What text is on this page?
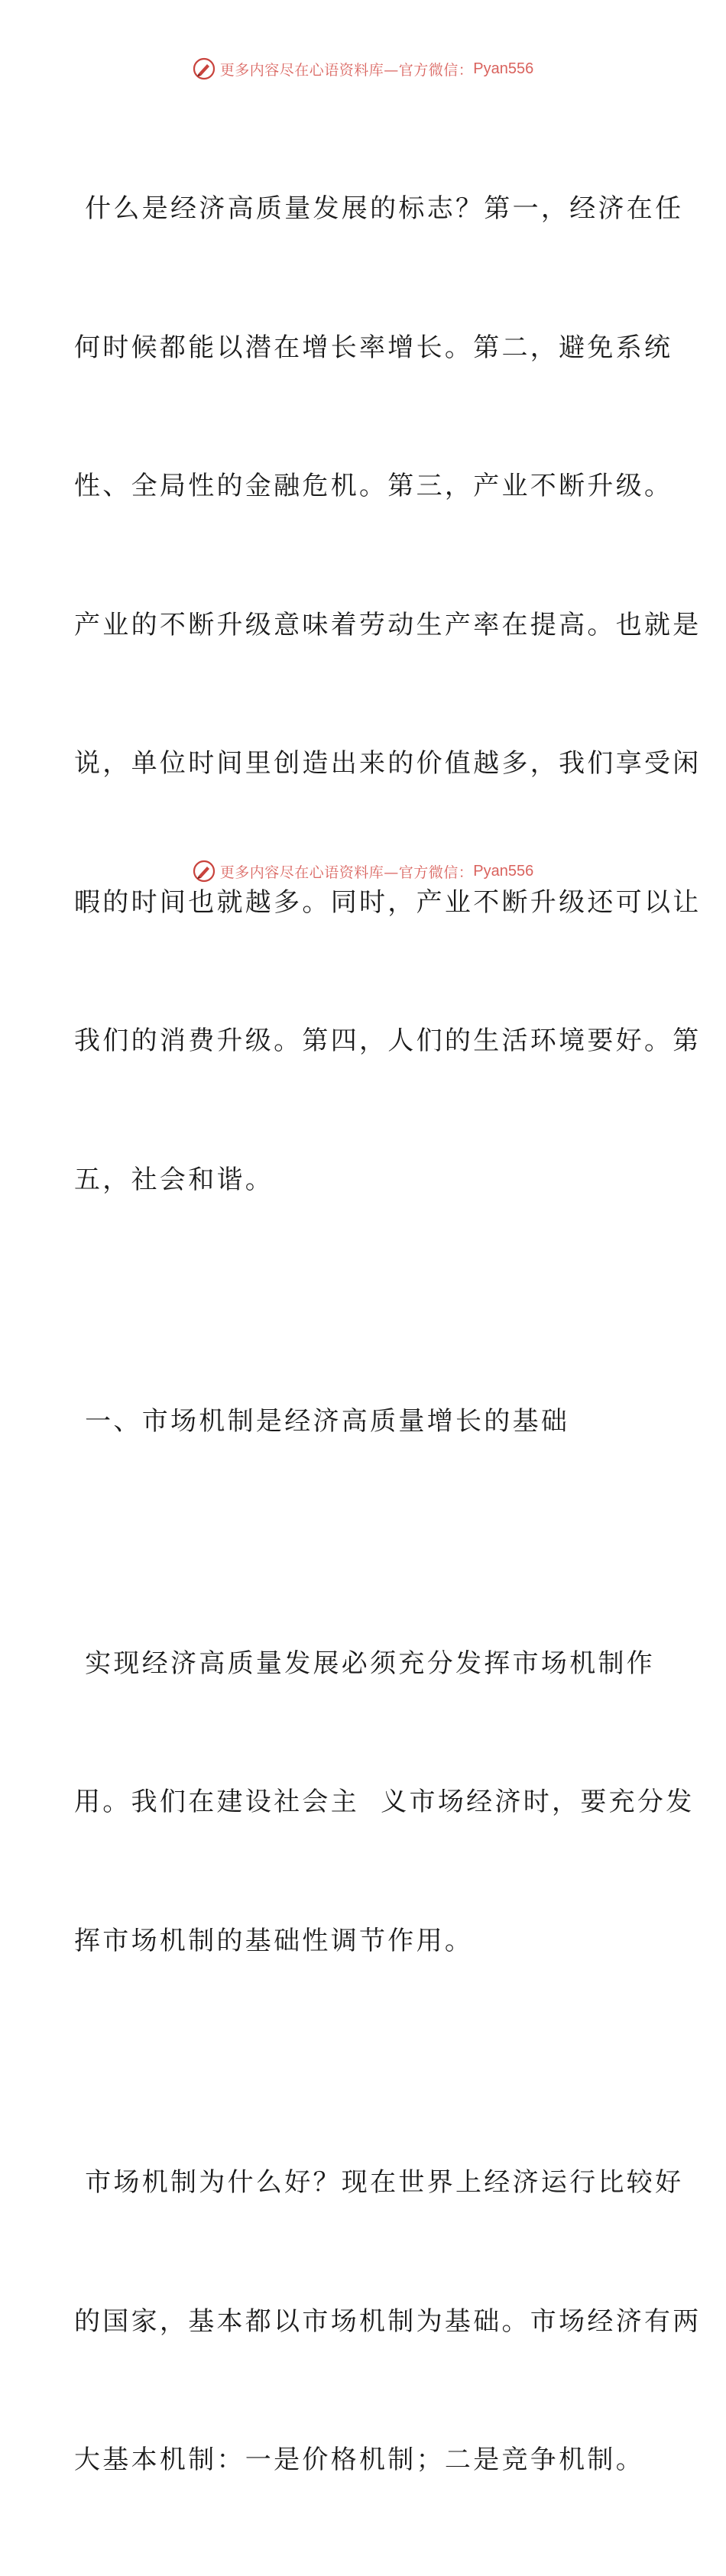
更多内容尽在心语资料库—官方微信： Pyan556

什么是经济高质量发展的标志？第一，经济在任

何时候都能以潜在增长率增长。第二，避免系统

性、全局性的金融危机。第三，产业不断升级。

产业的不断升级意味着劳动生产率在提高。也就是

说，单位时间里创造出来的价值越多，我们享受闲

暇的时间也就越多。同时，产业不断升级还可以让

我们的消费升级。第四，人们的生活环境要好。第

五，社会和谐。

一、市场机制是经济高质量增长的基础

实现经济高质量发展必须充分发挥市场机制作

用。我们在建设社会主  义市场经济时，要充分发

挥市场机制的基础性调节作用。

市场机制为什么好？现在世界上经济运行比较好

的国家，基本都以市场机制为基础。市场经济有两

大基本机制：一是价格机制；二是竞争机制。

更多内容尽在心语资料库—官方微信： Pyan556
